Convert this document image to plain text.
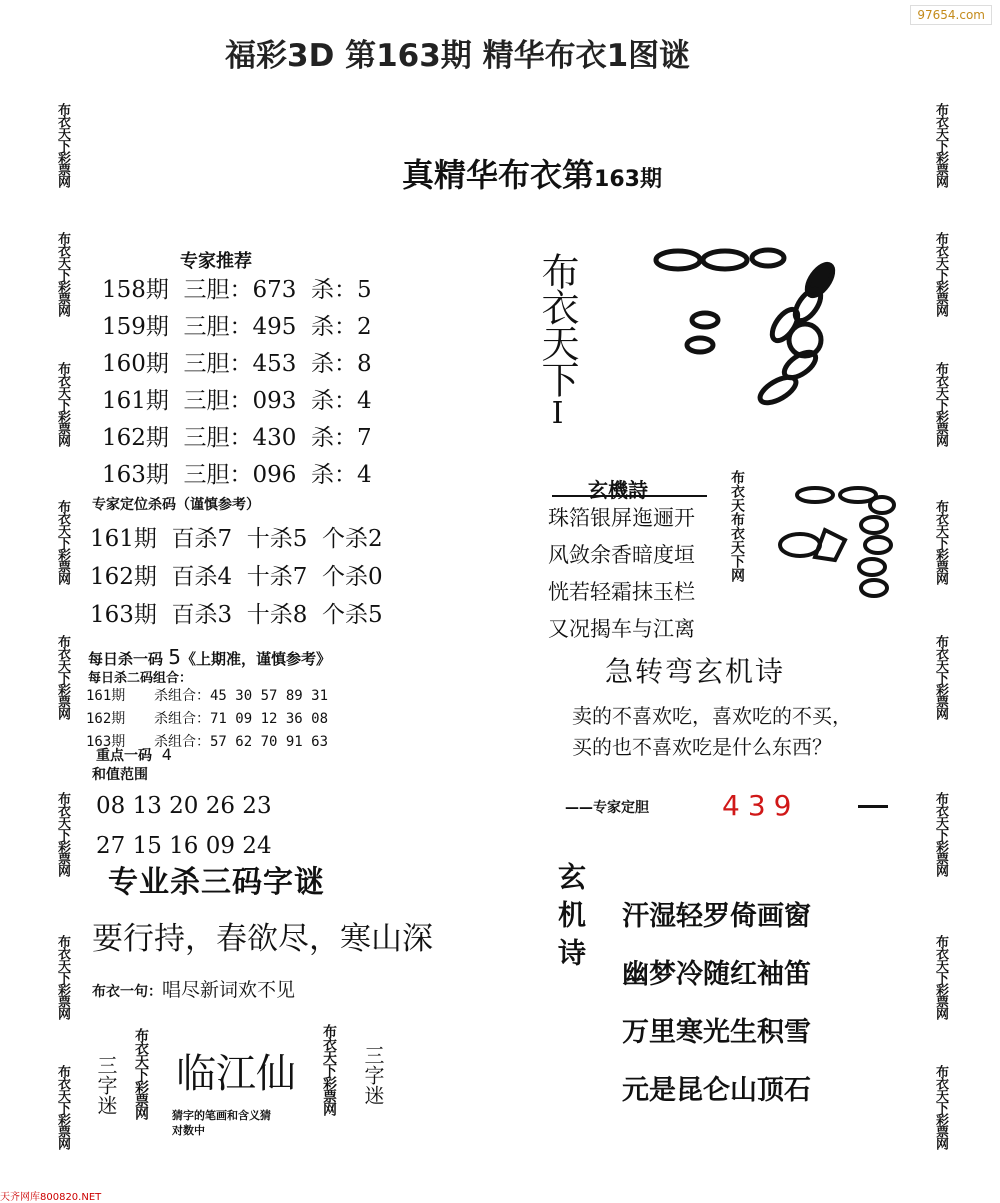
福彩3D 第163期 精华布衣1图谜
97654.com
布衣天下彩票网
布衣天下彩票网
布衣天下彩票网
布衣天下彩票网
布衣天下彩票网
布衣天下彩票网
布衣天下彩票网
布衣天下彩票网
布衣天下彩票网
布衣天下彩票网
布衣天下彩票网
布衣天下彩票网
布衣天下彩票网
布衣天下彩票网
布衣天下彩票网
布衣天下彩票网
真精华布衣第163期
专家推荐
158期  三胆：673  杀：5
159期  三胆：495  杀：2
160期  三胆：453  杀：8
161期  三胆：093  杀：4
162期  三胆：430  杀：7
163期  三胆：096  杀：4
专家定位杀码（谨慎参考）
161期  百杀7  十杀5  个杀2
162期  百杀4  十杀7  个杀0
163期  百杀3  十杀8  个杀5
每日杀一码 5《上期准，谨慎参考》
每日杀二码组合：
161期 杀组合：45 30 57 89 31
162期 杀组合：71 09 12 36 08
163期 杀组合：57 62 70 91 63
重点一码 4
和值范围
08 13 20 26 23
27 15 16 09 24
专业杀三码字谜
要行持，春欲尽，寒山深
布衣一句：唱尽新词欢不见
三字迷 布衣天下彩票网 临江仙
猜字的笔画和含义猜
对数中
布衣天下彩票网 三字迷
布衣天下I
玄機詩
珠箔银屏迤逦开
风敛余香暗度垣
恍若轻霜抹玉栏
又况揭车与江离
布衣天布衣天下网
急转弯玄机诗
卖的不喜欢吃，喜欢吃的不买，
买的也不喜欢吃是什么东西？
——专家定胆	439
玄机诗 汗湿轻罗倚画窗
幽梦冷随红袖笛
万里寒光生积雪
元是昆仑山顶石
天齐网库800820.NET
